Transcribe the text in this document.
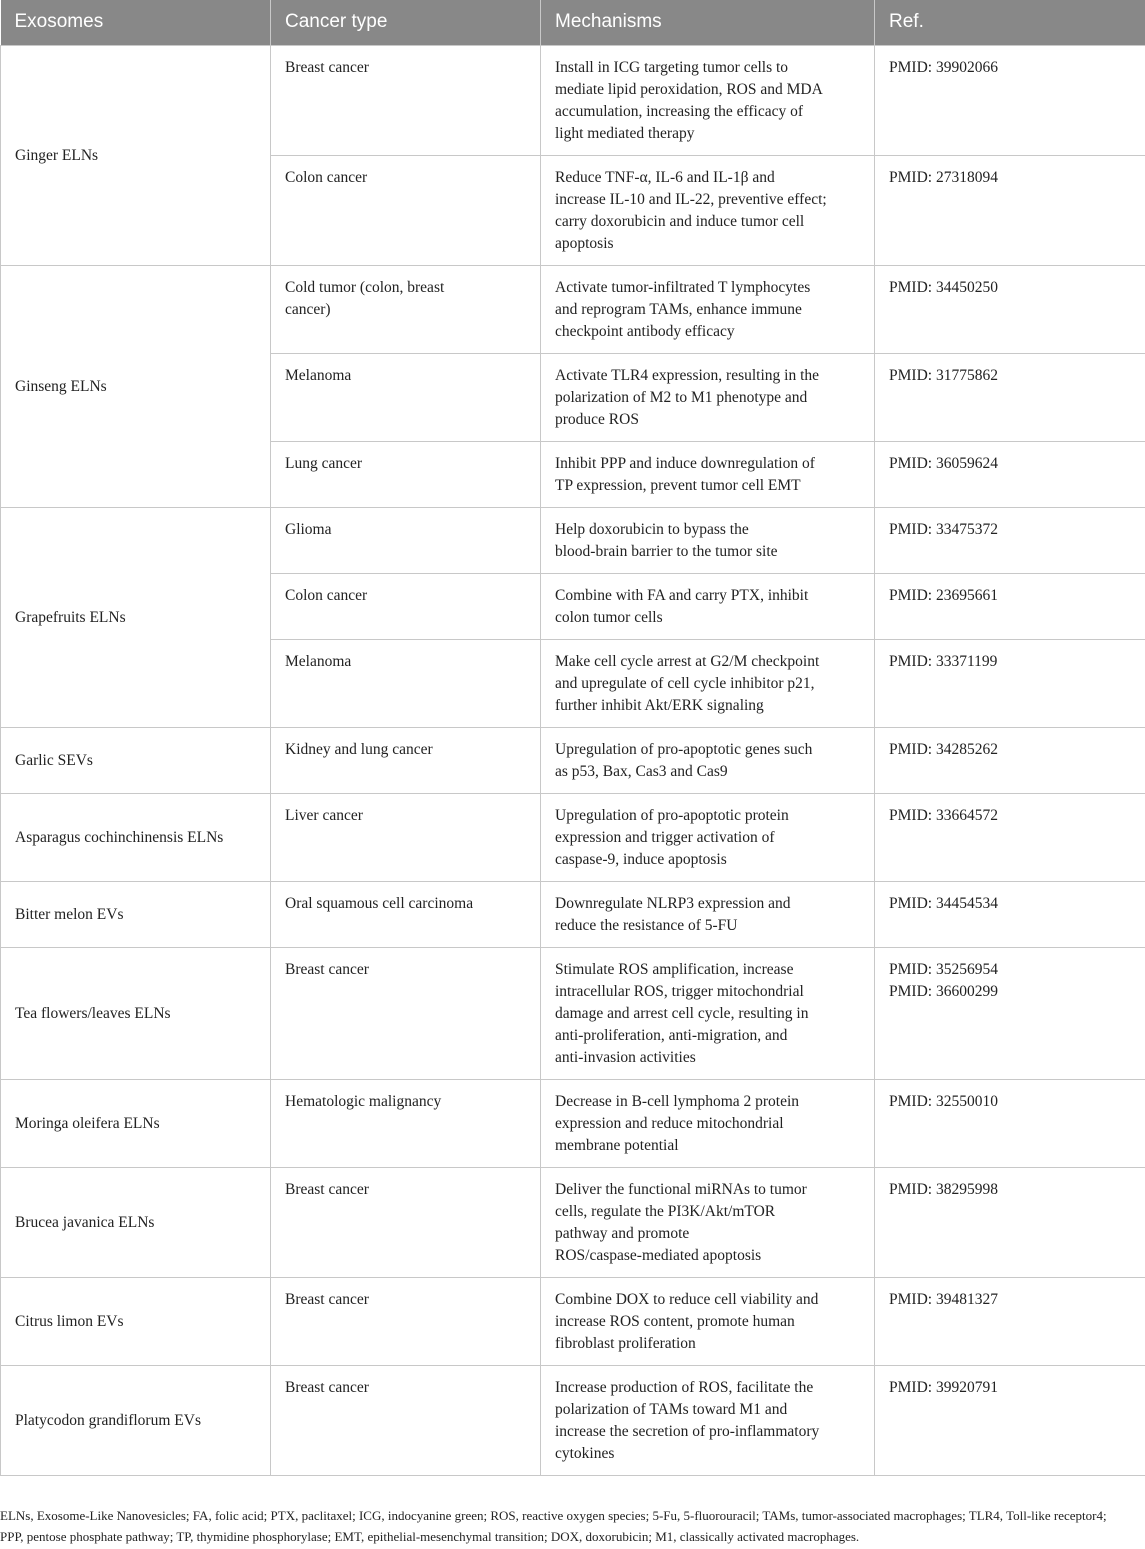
Exosomes	Cancer type	Mechanisms	Ref.
Ginger ELNs	Breast cancer	Install in ICG targeting tumor cells to
mediate lipid peroxidation, ROS and MDA
accumulation, increasing the efficacy of
light mediated therapy	PMID: 39902066

	Colon cancer	Reduce TNF-α, IL-6 and IL-1β and
increase IL-10 and IL-22, preventive effect;
carry doxorubicin and induce tumor cell
apoptosis	PMID: 27318094

Ginseng ELNs	Cold tumor (colon, breast cancer)	Activate tumor-infiltrated T lymphocytes
and reprogram TAMs, enhance immune
checkpoint antibody efficacy	PMID: 34450250

	Melanoma	Activate TLR4 expression, resulting in the
polarization of M2 to M1 phenotype and
produce ROS	PMID: 31775862

	Lung cancer	Inhibit PPP and induce downregulation of
TP expression, prevent tumor cell EMT	PMID: 36059624

Grapefruits ELNs	Glioma	Help doxorubicin to bypass the
blood-brain barrier to the tumor site	PMID: 33475372

	Colon cancer	Combine with FA and carry PTX, inhibit
colon tumor cells	PMID: 23695661

	Melanoma	Make cell cycle arrest at G2/M checkpoint
and upregulate of cell cycle inhibitor p21,
further inhibit Akt/ERK signaling	PMID: 33371199

Garlic SEVs	Kidney and lung cancer	Upregulation of pro-apoptotic genes such
as p53, Bax, Cas3 and Cas9	PMID: 34285262

Asparagus cochinchinensis ELNs	Liver cancer	Upregulation of pro-apoptotic protein
expression and trigger activation of
caspase-9, induce apoptosis	PMID: 33664572

Bitter melon EVs	Oral squamous cell carcinoma	Downregulate NLRP3 expression and
reduce the resistance of 5-FU	PMID: 34454534

Tea flowers/leaves ELNs	Breast cancer	Stimulate ROS amplification, increase
intracellular ROS, trigger mitochondrial
damage and arrest cell cycle, resulting in
anti-proliferation, anti-migration, and
anti-invasion activities	PMID: 35256954
PMID: 36600299

Moringa oleifera ELNs	Hematologic malignancy	Decrease in B-cell lymphoma 2 protein
expression and reduce mitochondrial
membrane potential	PMID: 32550010

Brucea javanica ELNs	Breast cancer	Deliver the functional miRNAs to tumor
cells, regulate the PI3K/Akt/mTOR
pathway and promote
ROS/caspase-mediated apoptosis	PMID: 38295998

Citrus limon EVs	Breast cancer	Combine DOX to reduce cell viability and
increase ROS content, promote human
fibroblast proliferation	PMID: 39481327

Platycodon grandiflorum EVs	Breast cancer	Increase production of ROS, facilitate the
polarization of TAMs toward M1 and
increase the secretion of pro-inflammatory
cytokines	PMID: 39920791
ELNs, Exosome-Like Nanovesicles; FA, folic acid; PTX, paclitaxel; ICG, indocyanine green; ROS, reactive oxygen species; 5-Fu, 5-fluorouracil; TAMs, tumor-associated macrophages; TLR4, Toll-like receptor4; PPP, pentose phosphate pathway; TP, thymidine phosphorylase; EMT, epithelial-mesenchymal transition; DOX, doxorubicin; M1, classically activated macrophages.
